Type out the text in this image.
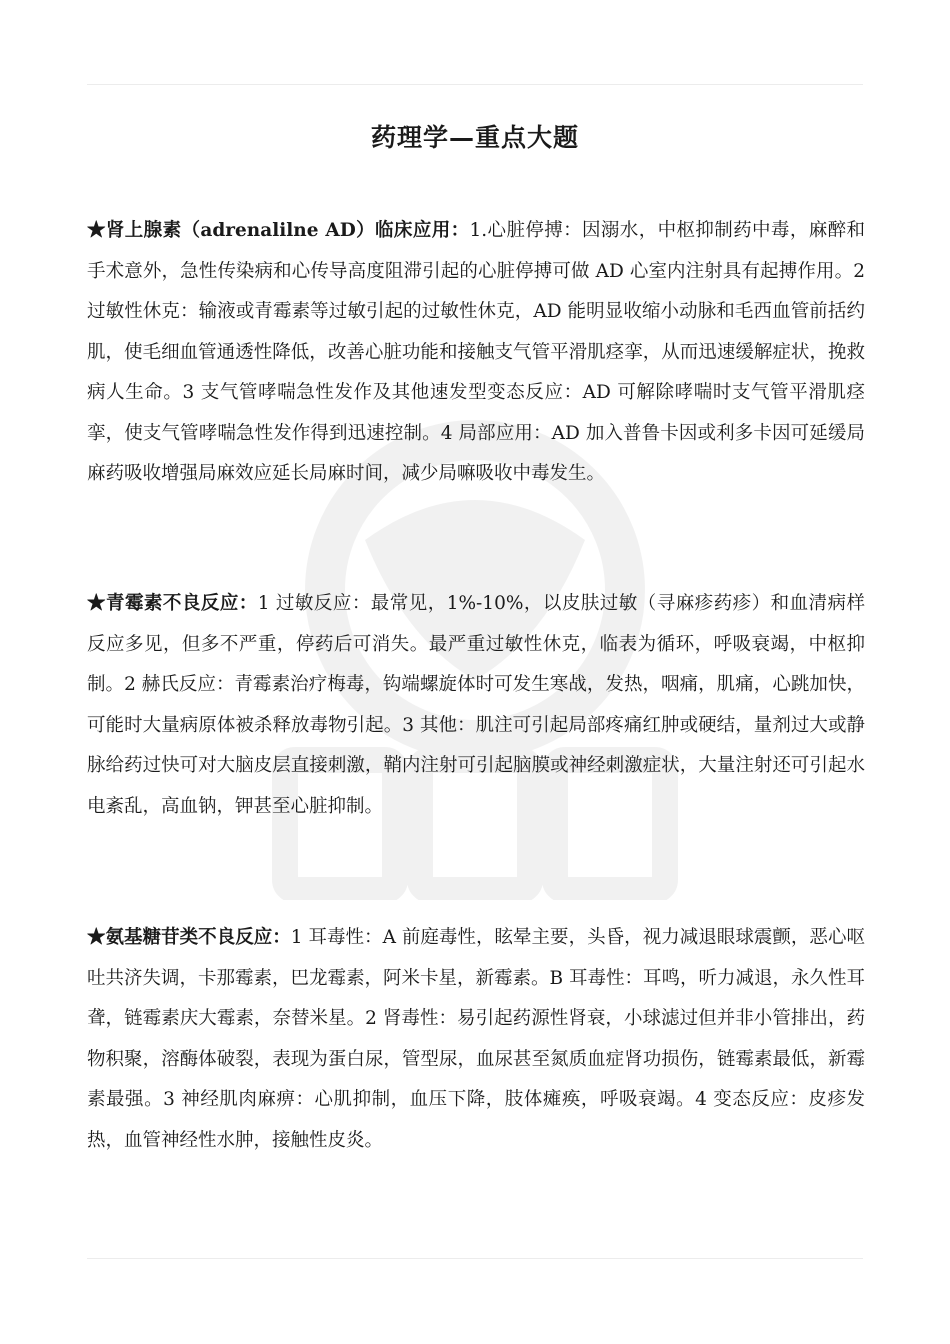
药理学—重点大题
★肾上腺素（adrenalilne AD）临床应用：1.心脏停搏：因溺水，中枢抑制药中毒，麻醉和手术意外，急性传染病和心传导高度阻滞引起的心脏停搏可做 AD 心室内注射具有起搏作用。2 过敏性休克：输液或青霉素等过敏引起的过敏性休克，AD 能明显收缩小动脉和毛西血管前括约肌，使毛细血管通透性降低，改善心脏功能和接触支气管平滑肌痉挛，从而迅速缓解症状，挽救病人生命。3 支气管哮喘急性发作及其他速发型变态反应：AD 可解除哮喘时支气管平滑肌痉挛，使支气管哮喘急性发作得到迅速控制。4 局部应用：AD 加入普鲁卡因或利多卡因可延缓局麻药吸收增强局麻效应延长局麻时间，减少局嘛吸收中毒发生。
★青霉素不良反应：1 过敏反应：最常见，1%-10%，以皮肤过敏（寻麻疹药疹）和血清病样反应多见，但多不严重，停药后可消失。最严重过敏性休克，临表为循环，呼吸衰竭，中枢抑制。2 赫氏反应：青霉素治疗梅毒，钩端螺旋体时可发生寒战，发热，咽痛，肌痛，心跳加快，可能时大量病原体被杀释放毒物引起。3 其他：肌注可引起局部疼痛红肿或硬结，量剂过大或静脉给药过快可对大脑皮层直接刺激，鞘内注射可引起脑膜或神经刺激症状，大量注射还可引起水电紊乱，高血钠，钾甚至心脏抑制。
★氨基糖苷类不良反应：1 耳毒性：A 前庭毒性，眩晕主要，头昏，视力减退眼球震颤，恶心呕吐共济失调，卡那霉素，巴龙霉素，阿米卡星，新霉素。B 耳毒性：耳鸣，听力减退，永久性耳聋，链霉素庆大霉素，奈替米星。2 肾毒性：易引起药源性肾衰，小球滤过但并非小管排出，药物积聚，溶酶体破裂，表现为蛋白尿，管型尿，血尿甚至氮质血症肾功损伤，链霉素最低，新霉素最强。3 神经肌肉麻痹：心肌抑制，血压下降，肢体瘫痪，呼吸衰竭。4 变态反应：皮疹发热，血管神经性水肿，接触性皮炎。
